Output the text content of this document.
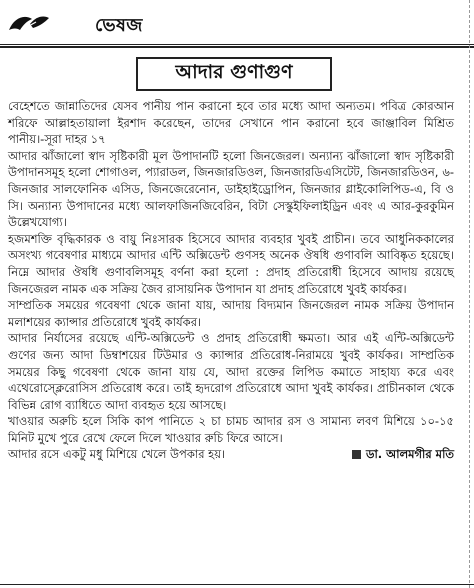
ভেষজ
আদার গুণাগুণ

বেহেশতে জান্নাতিদের যেসব পানীয় পান করানো হবে তার মধ্যে আদা অন্যতম। পবিত্র কোরআন শরিফে আল্লাহতায়ালা ইরশাদ করেছেন, তাদের সেখানে পান করানো হবে জাঞ্জাবিল মিশ্রিত পানীয়।-সূরা দাহর ১৭

আদার ঝাঁজালো স্বাদ সৃষ্টিকারী মূল উপাদানটি হলো জিনজেরল। অন্যান্য ঝাঁজালো স্বাদ সৃষ্টিকারী উপাদানসমূহ হলো শোগাওল, প্যারাডল, জিনজারডিওল, জিনজারডিএসিটেট, জিনজারডিওন, ৬-জিনজার সালফোনিক এসিড, জিনজেরেনোন, ডাইহাইড্রোপিন, জিনজার গ্লাইকোলিপিড-এ, বি ও সি। অন্যান্য উপাদানের মধ্যে আলফাজিনজিবেরিন, বিটা সেস্কুইফিলাইড্রিন এবং এ আর-কুরকুমিন উল্লেখযোগ্য।

হজমশক্তি বৃদ্ধিকারক ও বায়ু নিঃসারক হিসেবে আদার ব্যবহার খুবই প্রাচীন। তবে আধুনিককালের অসংখ্য গবেষণার মাধ্যমে আদার এন্টি অক্সিডেন্ট গুণসহ অনেক ঔষধি গুণাবলি আবিষ্কৃত হয়েছে। নিম্নে আদার ঔষধি গুণাবলিসমূহ বর্ণনা করা হলো : প্রদাহ প্রতিরোধী হিসেবে আদায় রয়েছে জিনজেরল নামক এক সক্রিয় জৈব রাসায়নিক উপাদান যা প্রদাহ প্রতিরোধে খুবই কার্যকর।

সাম্প্রতিক সময়ের গবেষণা থেকে জানা যায়, আদায় বিদ্যমান জিনজেরল নামক সক্রিয় উপাদান মলাশয়ের ক্যান্সার প্রতিরোধে খুবই কার্যকর।

আদার নির্যাসের রয়েছে এন্টি-অক্সিডেন্ট ও প্রদাহ প্রতিরোধী ক্ষমতা। আর এই এন্টি-অক্সিডেন্ট গুণের জন্য আদা ডিম্বাশয়ের টিউমার ও ক্যান্সার প্রতিরোধ-নিরাময়ে খুবই কার্যকর। সাম্প্রতিক সময়ের কিছু গবেষণা থেকে জানা যায় যে, আদা রক্তের লিপিড কমাতে সাহায্য করে এবং এথেরোস্ক্লেরোসিস প্রতিরোধ করে। তাই হৃদরোগ প্রতিরোধে আদা খুবই কার্যকর। প্রাচীনকাল থেকে বিভিন্ন রোগ ব্যাধিতে আদা ব্যবহৃত হয়ে আসছে।

খাওয়ার অরুচি হলে সিকি কাপ পানিতে ২ চা চামচ আদার রস ও সামান্য লবণ মিশিয়ে ১০-১৫ মিনিট মুখে পুরে রেখে ফেলে দিলে খাওয়ার রুচি ফিরে আসে।

আদার রসে একটু মধু মিশিয়ে খেলে উপকার হয়।	ডা. আলমগীর মতি
